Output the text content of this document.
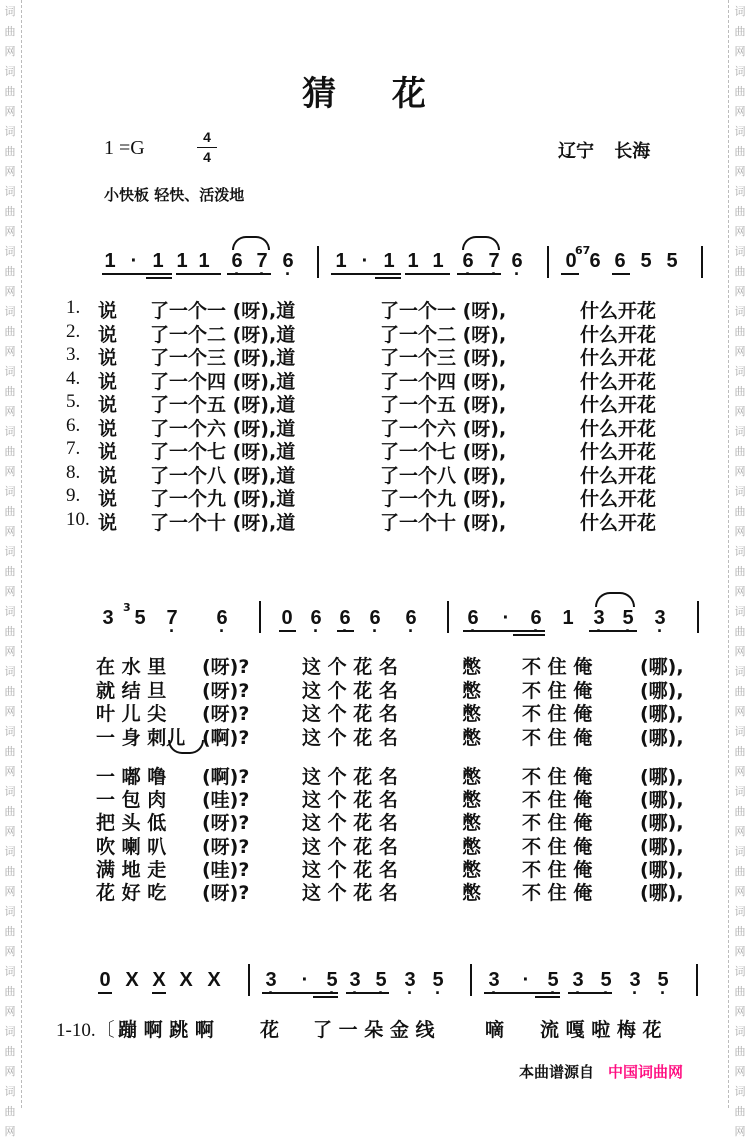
词
曲
网
词
曲
网
词
曲
网
词
曲
网
词
曲
网
词
曲
网
词
曲
网
词
曲
网
词
曲
网
词
曲
网
词
曲
网
词
曲
网
词
曲
网
词
曲
网
词
曲
网
词
曲
网
词
曲
网
词
曲
网
词
曲
网
词
曲
网
词
曲
网
词
曲
网
词
曲
网
词
曲
网
词
曲
网
词
曲
网
词
曲
网
词
曲
网
词
曲
网
词
曲
网
词
曲
网
词
曲
网
词
曲
网
词
曲
网
词
曲
网
词
曲
网
词
曲
网
词
曲
网
猜 花
1 =G	4
4	辽宁 长海
小快板 轻快、活泼地
1 · 1 1 1 6 · 7 · 6 · 1 · 1 1 1 6 · 7 · 6 · 0 6 6 5 5
67
1. 说 了一个一 (呀),道	了一个一 (呀),	什么开花
2. 说 了一个二 (呀),道	了一个二 (呀),	什么开花
3. 说 了一个三 (呀),道	了一个三 (呀),	什么开花
4. 说 了一个四 (呀),道	了一个四 (呀),	什么开花
5. 说 了一个五 (呀),道	了一个五 (呀),	什么开花
6. 说 了一个六 (呀),道	了一个六 (呀),	什么开花
7. 说 了一个七 (呀),道	了一个七 (呀),	什么开花
8. 说 了一个八 (呀),道	了一个八 (呀),	什么开花
9. 说 了一个九 (呀),道	了一个九 (呀),	什么开花
10. 说 了一个十 (呀),道	了一个十 (呀),	什么开花
3 5 7 · 6 ·	0 6 · 6 · 6 · 6 ·	6 · · 6 · 1 3 · 5 · 3 ·
3
在 水 里 (呀)?	这 个 花 名	憋 不 住 俺	(哪),
就 结 旦 (呀)?	这 个 花 名	憋 不 住 俺	(哪),
叶 儿 尖 (呀)?	这 个 花 名	憋 不 住 俺	(哪),
一 身 刺儿 (啊)?	这 个 花 名	憋 不 住 俺	(哪),
一 嘟 噜 (啊)?	这 个 花 名	憋 不 住 俺	(哪),
一 包 肉 (哇)?	这 个 花 名	憋 不 住 俺	(哪),
把 头 低 (呀)?	这 个 花 名	憋 不 住 俺	(哪),
吹 喇 叭 (呀)?	这 个 花 名	憋 不 住 俺	(哪),
满 地 走 (哇)?	这 个 花 名	憋 不 住 俺	(哪),
花 好 吃 (呀)?	这 个 花 名	憋 不 住 俺	(哪),
0 X X X X 3 · · 5 · 3 · 5 · 3 · 5 · 3 · · 5 · 3 · 5 · 3 · 5 ·
1-10.〔 蹦 啊 跳 啊 花 了 一 朵 金 线	嘀 流 嘎 啦 梅 花
本曲谱源自 中国词曲网
